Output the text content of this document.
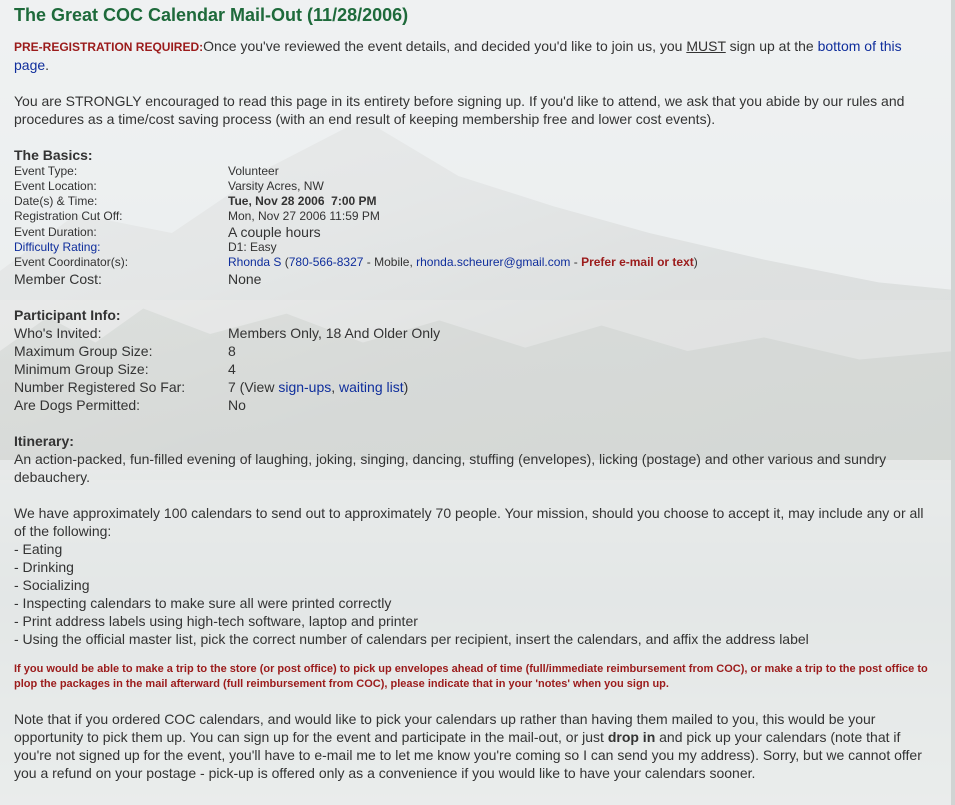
The Great COC Calendar Mail-Out (11/28/2006)

PRE-REGISTRATION REQUIRED:Once you've reviewed the event details, and decided you'd like to join us, you MUST sign up at the bottom of this page.

You are STRONGLY encouraged to read this page in its entirety before signing up. If you'd like to attend, we ask that you abide by our rules and procedures as a time/cost saving process (with an end result of keeping membership free and lower cost events).

The Basics:
Event Type:	Volunteer
Event Location:	Varsity Acres, NW
Date(s) & Time:	Tue, Nov 28 2006  7:00 PM
Registration Cut Off:	Mon, Nov 27 2006 11:59 PM
Event Duration:	A couple hours
Difficulty Rating:	D1: Easy
Event Coordinator(s):	Rhonda S (780-566-8327 - Mobile, rhonda.scheurer@gmail.com - Prefer e-mail or text)
Member Cost:	None
Participant Info:
Who's Invited:	Members Only, 18 And Older Only
Maximum Group Size:	8
Minimum Group Size:	4
Number Registered So Far:	7 (View sign-ups, waiting list)
Are Dogs Permitted:	No
Itinerary:

An action-packed, fun-filled evening of laughing, joking, singing, dancing, stuffing (envelopes), licking (postage) and other various and sundry debauchery.

We have approximately 100 calendars to send out to approximately 70 people. Your mission, should you choose to accept it, may include any or all of the following:

- Eating
- Drinking
- Socializing
- Inspecting calendars to make sure all were printed correctly
- Print address labels using high-tech software, laptop and printer
- Using the official master list, pick the correct number of calendars per recipient, insert the calendars, and affix the address label

If you would be able to make a trip to the store (or post office) to pick up envelopes ahead of time (full/immediate reimbursement from COC), or make a trip to the post office to plop the packages in the mail afterward (full reimbursement from COC), please indicate that in your 'notes' when you sign up.

Note that if you ordered COC calendars, and would like to pick your calendars up rather than having them mailed to you, this would be your opportunity to pick them up. You can sign up for the event and participate in the mail-out, or just drop in and pick up your calendars (note that if you're not signed up for the event, you'll have to e-mail me to let me know you're coming so I can send you my address). Sorry, but we cannot offer you a refund on your postage - pick-up is offered only as a convenience if you would like to have your calendars sooner.
